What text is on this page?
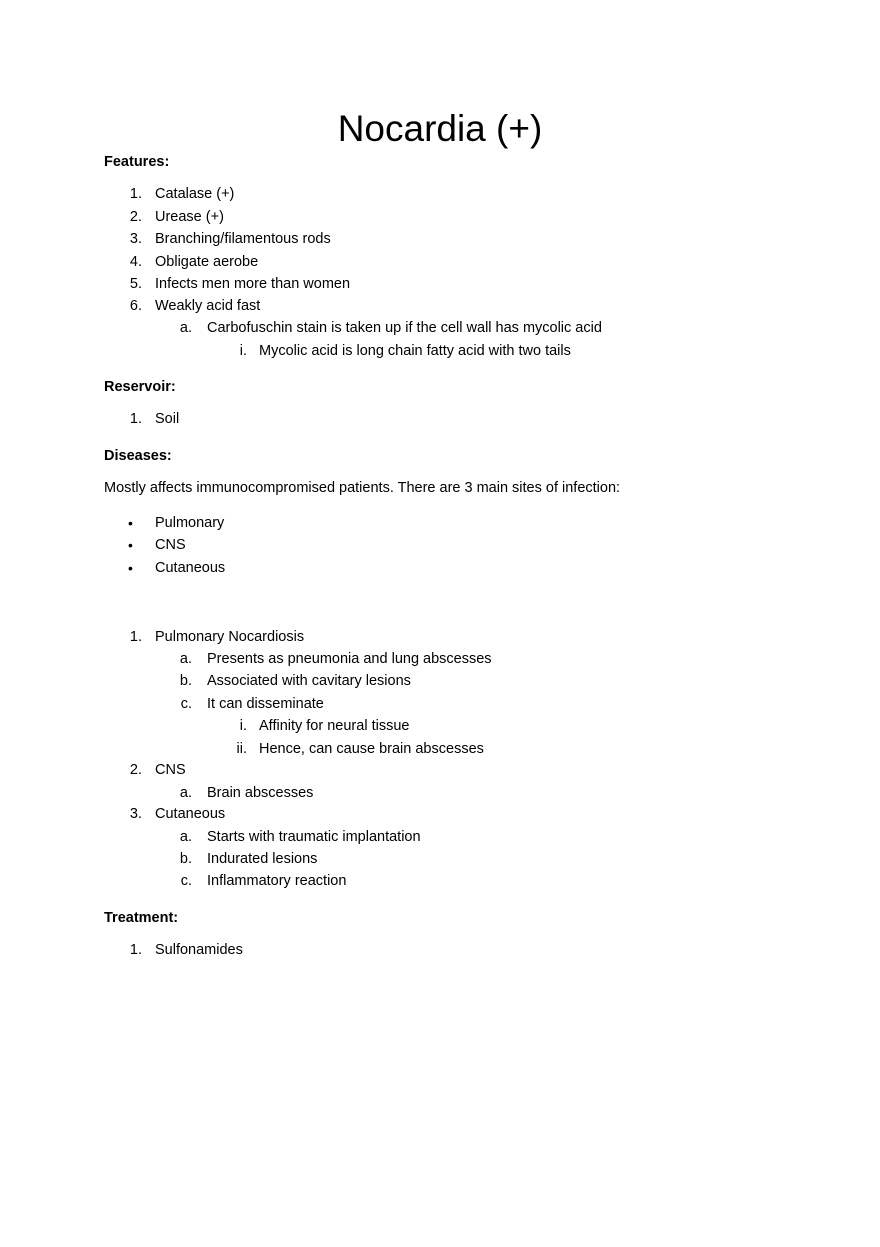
Nocardia (+)
Features:
1. Catalase (+)
2. Urease (+)
3. Branching/filamentous rods
4. Obligate aerobe
5. Infects men more than women
6. Weakly acid fast
a. Carbofuschin stain is taken up if the cell wall has mycolic acid
i. Mycolic acid is long chain fatty acid with two tails
Reservoir:
1. Soil
Diseases:
Mostly affects immunocompromised patients. There are 3 main sites of infection:
• Pulmonary
• CNS
• Cutaneous
1. Pulmonary Nocardiosis
a. Presents as pneumonia and lung abscesses
b. Associated with cavitary lesions
c. It can disseminate
i. Affinity for neural tissue
ii. Hence, can cause brain abscesses
2. CNS
a. Brain abscesses
3. Cutaneous
a. Starts with traumatic implantation
b. Indurated lesions
c. Inflammatory reaction
Treatment:
1. Sulfonamides
